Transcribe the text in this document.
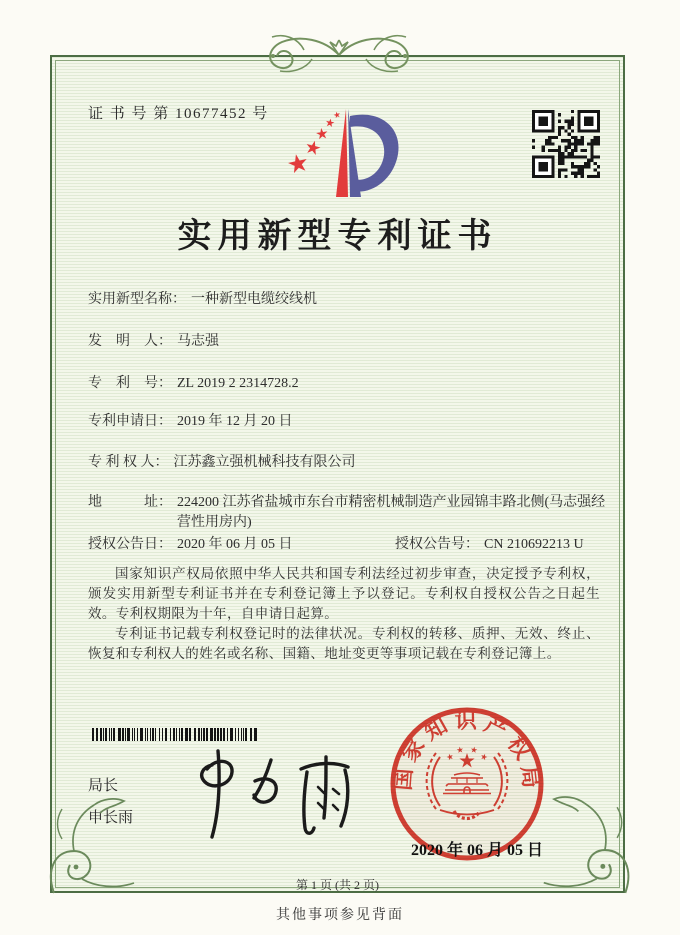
证 书 号 第 10677452 号
实用新型专利证书
实用新型名称： 一种新型电缆绞线机
发　明　人： 马志强
专　利　号： ZL 2019 2 2314728.2
专利申请日： 2019 年 12 月 20 日
专 利 权 人： 江苏鑫立强机械科技有限公司
地　　　址： 224200 江苏省盐城市东台市精密机械制造产业园锦丰路北侧(马志强经营性用房内)
授权公告日： 2020 年 06 月 05 日	授权公告号： CN 210692213 U

国家知识产权局依照中华人民共和国专利法经过初步审查，决定授予专利权，颁发实用新型专利证书并在专利登记簿上予以登记。专利权自授权公告之日起生效。专利权期限为十年，自申请日起算。

专利证书记载专利权登记时的法律状况。专利权的转移、质押、无效、终止、恢复和专利权人的姓名或名称、国籍、地址变更等事项记载在专利登记簿上。

局长
申长雨
国家知识产权局
2020 年 06 月 05 日
第 1 页 (共 2 页)
其他事项参见背面
